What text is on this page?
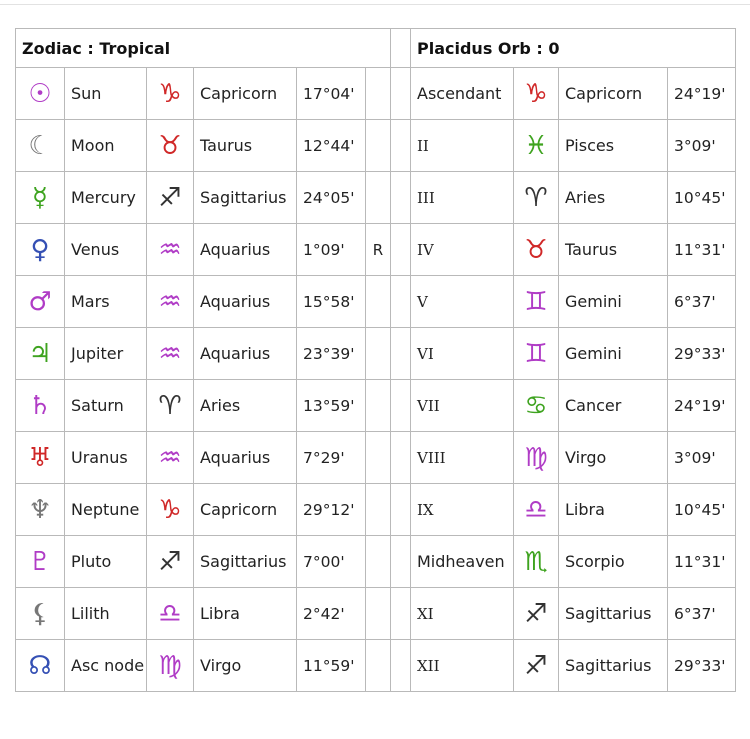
Zodiac : Tropical							Placidus Orb : 0			
☉	Sun	♑	Capricorn	17°04'			Ascendant	♑	Capricorn	24°19'
☾	Moon	♉	Taurus	12°44'			II	♓	Pisces	3°09'
☿	Mercury	♐	Sagittarius	24°05'			III	♈	Aries	10°45'
♀	Venus	♒	Aquarius	1°09'	R		IV	♉	Taurus	11°31'
♂	Mars	♒	Aquarius	15°58'			V	♊	Gemini	6°37'
♃	Jupiter	♒	Aquarius	23°39'			VI	♊	Gemini	29°33'
♄	Saturn	♈	Aries	13°59'			VII	♋	Cancer	24°19'
♅	Uranus	♒	Aquarius	7°29'			VIII	♍	Virgo	3°09'
♆	Neptune	♑	Capricorn	29°12'			IX	♎	Libra	10°45'
♇	Pluto	♐	Sagittarius	7°00'			Midheaven	♏	Scorpio	11°31'
⚸	Lilith	♎	Libra	2°42'			XI	♐	Sagittarius	6°37'
☊	Asc node	♍	Virgo	11°59'			XII	♐	Sagittarius	29°33'
